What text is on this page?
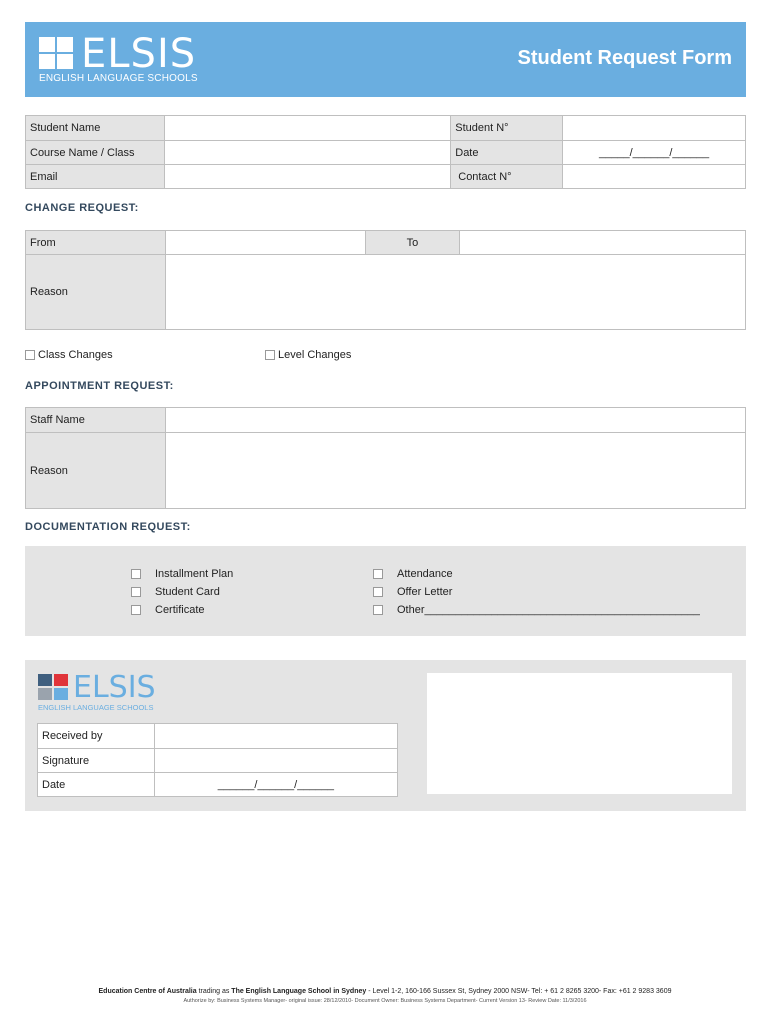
ELSIS
ENGLISH LANGUAGE SCHOOLS
Student Request Form
Student Name		Student N°	
Course Name / Class		Date	_____/______/______
Email		Contact N°	
CHANGE REQUEST:
From		To	
Reason			
Class Changes	Level Changes
APPOINTMENT REQUEST:
Staff Name	
Reason	
DOCUMENTATION REQUEST:
Installment Plan
Student Card
Certificate
Attendance
Offer Letter
Other_____________________________________________
ELSIS
ENGLISH LANGUAGE SCHOOLS
Received by	
Signature	
Date	______/______/______
Education Centre of Australia trading as The English Language School in Sydney - Level 1-2, 160-166 Sussex St, Sydney 2000 NSW- Tel: + 61 2 8265 3200- Fax: +61 2 9283 3609
Authorize by: Business Systems Manager- original issue: 28/12/2010- Document Owner: Business Systems Department- Current Version 13- Review Date: 11/3/2016
